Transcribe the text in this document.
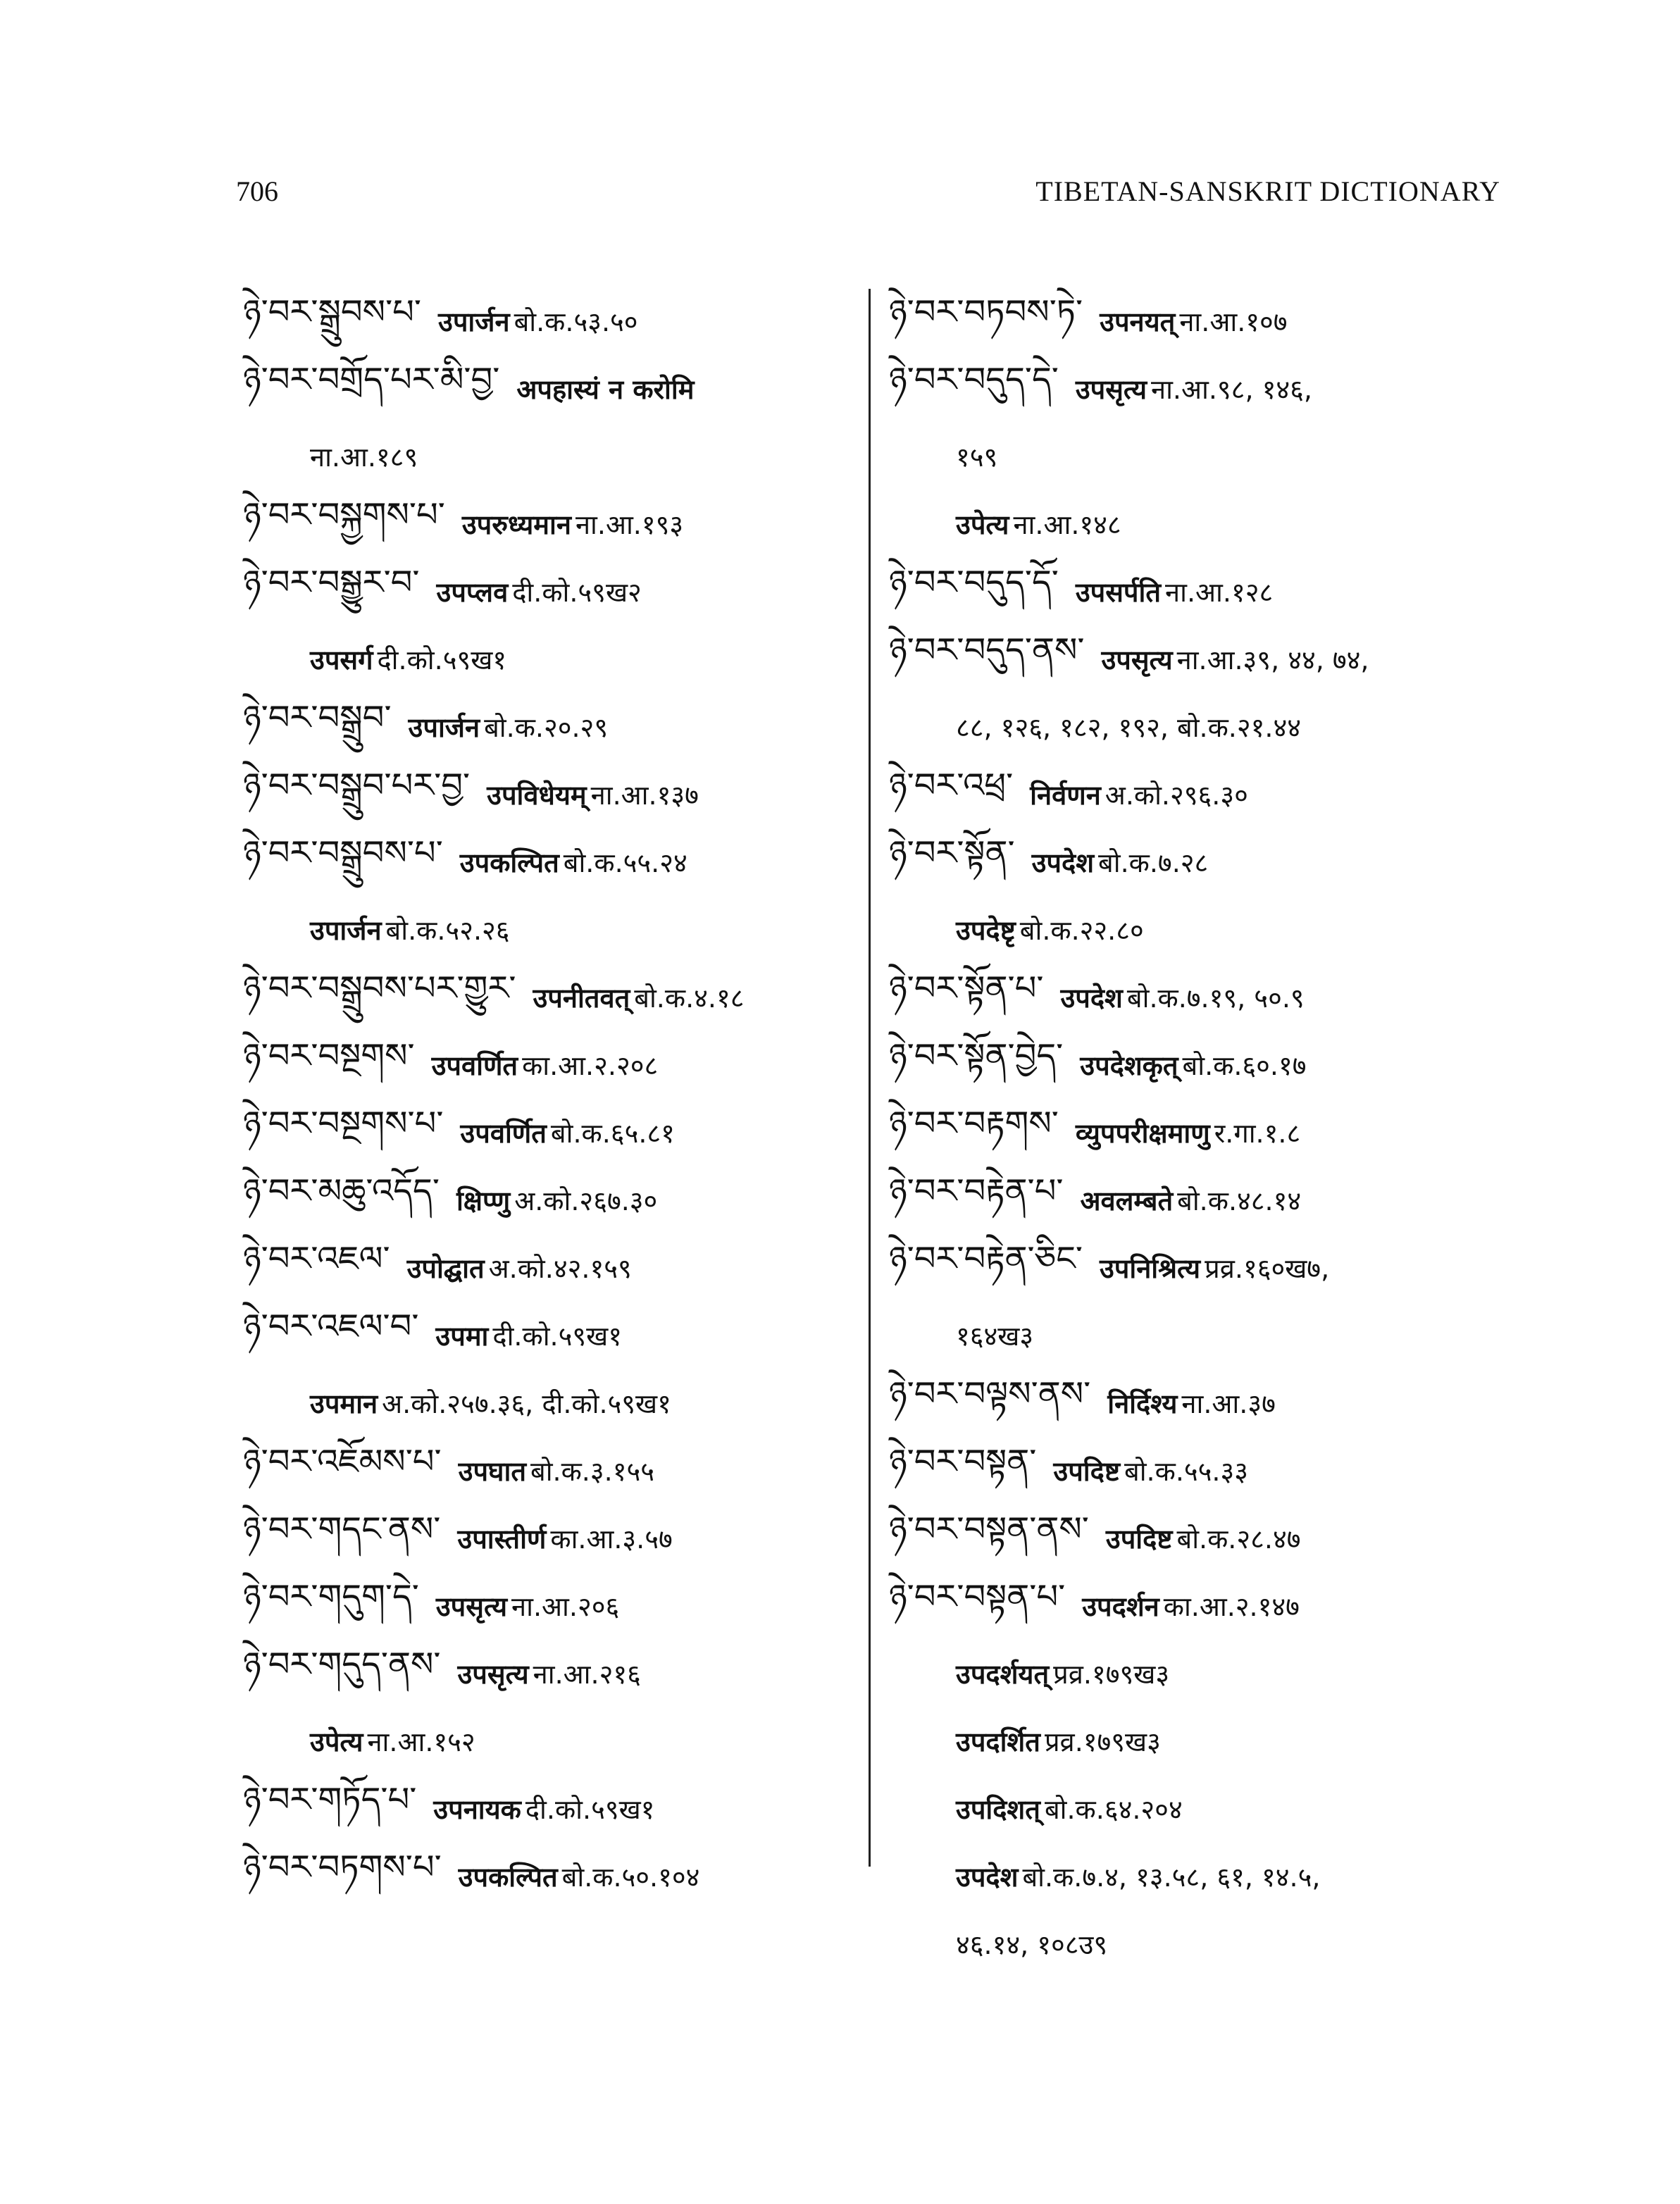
706	TIBETAN-SANSKRIT DICTIONARY
ཉེ་བར་སྒྲུབས་པ་ उपार्जन बो.क.५३.५०
ཉེ་བར་བགྲོད་པར་མི་བྱ་ अपहास्यं न करोमि
ना.आ.१८९
ཉེ་བར་བསྐྱགས་པ་ उपरुध्यमान ना.आ.१९३
ཉེ་བར་བསྒྱུར་བ་ उपप्लव दी.को.५९ख२
उपसर्ग दी.को.५९ख१
ཉེ་བར་བསྒྲུབ་ उपार्जन बो.क.२०.२९
ཉེ་བར་བསྒྲུབ་པར་བྱ་ उपविधेयम् ना.आ.१३७
ཉེ་བར་བསྒྲུབས་པ་ उपकल्पित बो.क.५५.२४
उपार्जन बो.क.५२.२६
ཉེ་བར་བསྒྲུབས་པར་གྱུར་ उपनीतवत् बो.क.४.१८
ཉེ་བར་བསྔགས་ उपवर्णित का.आ.२.२०८
ཉེ་བར་བསྔགས་པ་ उपवर्णित बो.क.६५.८१
ཉེ་བར་མཆུ་འདོད་ क्षिप्णु अ.को.२६७.३०
ཉེ་བར་འཇལ་ उपोद्घात अ.को.४२.१५९
ཉེ་བར་འཇལ་བ་ उपमा दी.को.५९ख१
उपमान अ.को.२५७.३६, दी.को.५९ख१
ཉེ་བར་འཇོམས་པ་ उपघात बो.क.३.१५५
ཉེ་བར་གདང་ནས་ उपास्तीर्ण का.आ.३.५७
ཉེ་བར་གདུག་དེ་ उपसृत्य ना.आ.२०६
ཉེ་བར་གདུད་ནས་ उपसृत्य ना.आ.२१६
उपेत्य ना.आ.१५२
ཉེ་བར་གཏོད་པ་ उपनायक दी.को.५९ख१
ཉེ་བར་བཏགས་པ་ उपकल्पित बो.क.५०.१०४
ཉེ་བར་བཏབས་ཏེ་ उपनयत् ना.आ.१०७
ཉེ་བར་བདུད་དེ་ उपसृत्य ना.आ.९८, १४६,
१५९
उपेत्य ना.आ.१४८
ཉེ་བར་བདུད་དོ་ उपसर्पति ना.आ.१२८
ཉེ་བར་བདུད་ནས་ उपसृत्य ना.आ.३९, ४४, ७४,
८८, १२६, १८२, १९२, बो.क.२१.४४
ཉེ་བར་འཕྲ་ निर्वणन अ.को.२९६.३०
ཉེ་བར་སྟོན་ उपदेश बो.क.७.२८
उपदेष्टृ बो.क.२२.८०
ཉེ་བར་སྟོན་པ་ उपदेश बो.क.७.१९, ५०.९
ཉེ་བར་སྟོན་བྱེད་ उपदेशकृत् बो.क.६०.१७
ཉེ་བར་བརྟགས་ व्युपपरीक्षमाणु र.गा.१.८
ཉེ་བར་བརྟེན་པ་ अवलम्बते बो.क.४८.१४
ཉེ་བར་བརྟེན་ཅིང་ उपनिश्रित्य प्रव्र.१६०ख७,
१६४ख३
ཉེ་བར་བལྟས་ནས་ निर्दिश्य ना.आ.३७
ཉེ་བར་བསྟན་ उपदिष्ट बो.क.५५.३३
ཉེ་བར་བསྟན་ནས་ उपदिष्ट बो.क.२८.४७
ཉེ་བར་བསྟན་པ་ उपदर्शन का.आ.२.१४७
उपदर्शयत् प्रव्र.१७९ख३
उपदर्शित प्रव्र.१७९ख३
उपदिशत् बो.क.६४.२०४
उपदेश बो.क.७.४, १३.५८, ६१, १४.५,
४६.१४, १०८उ९
